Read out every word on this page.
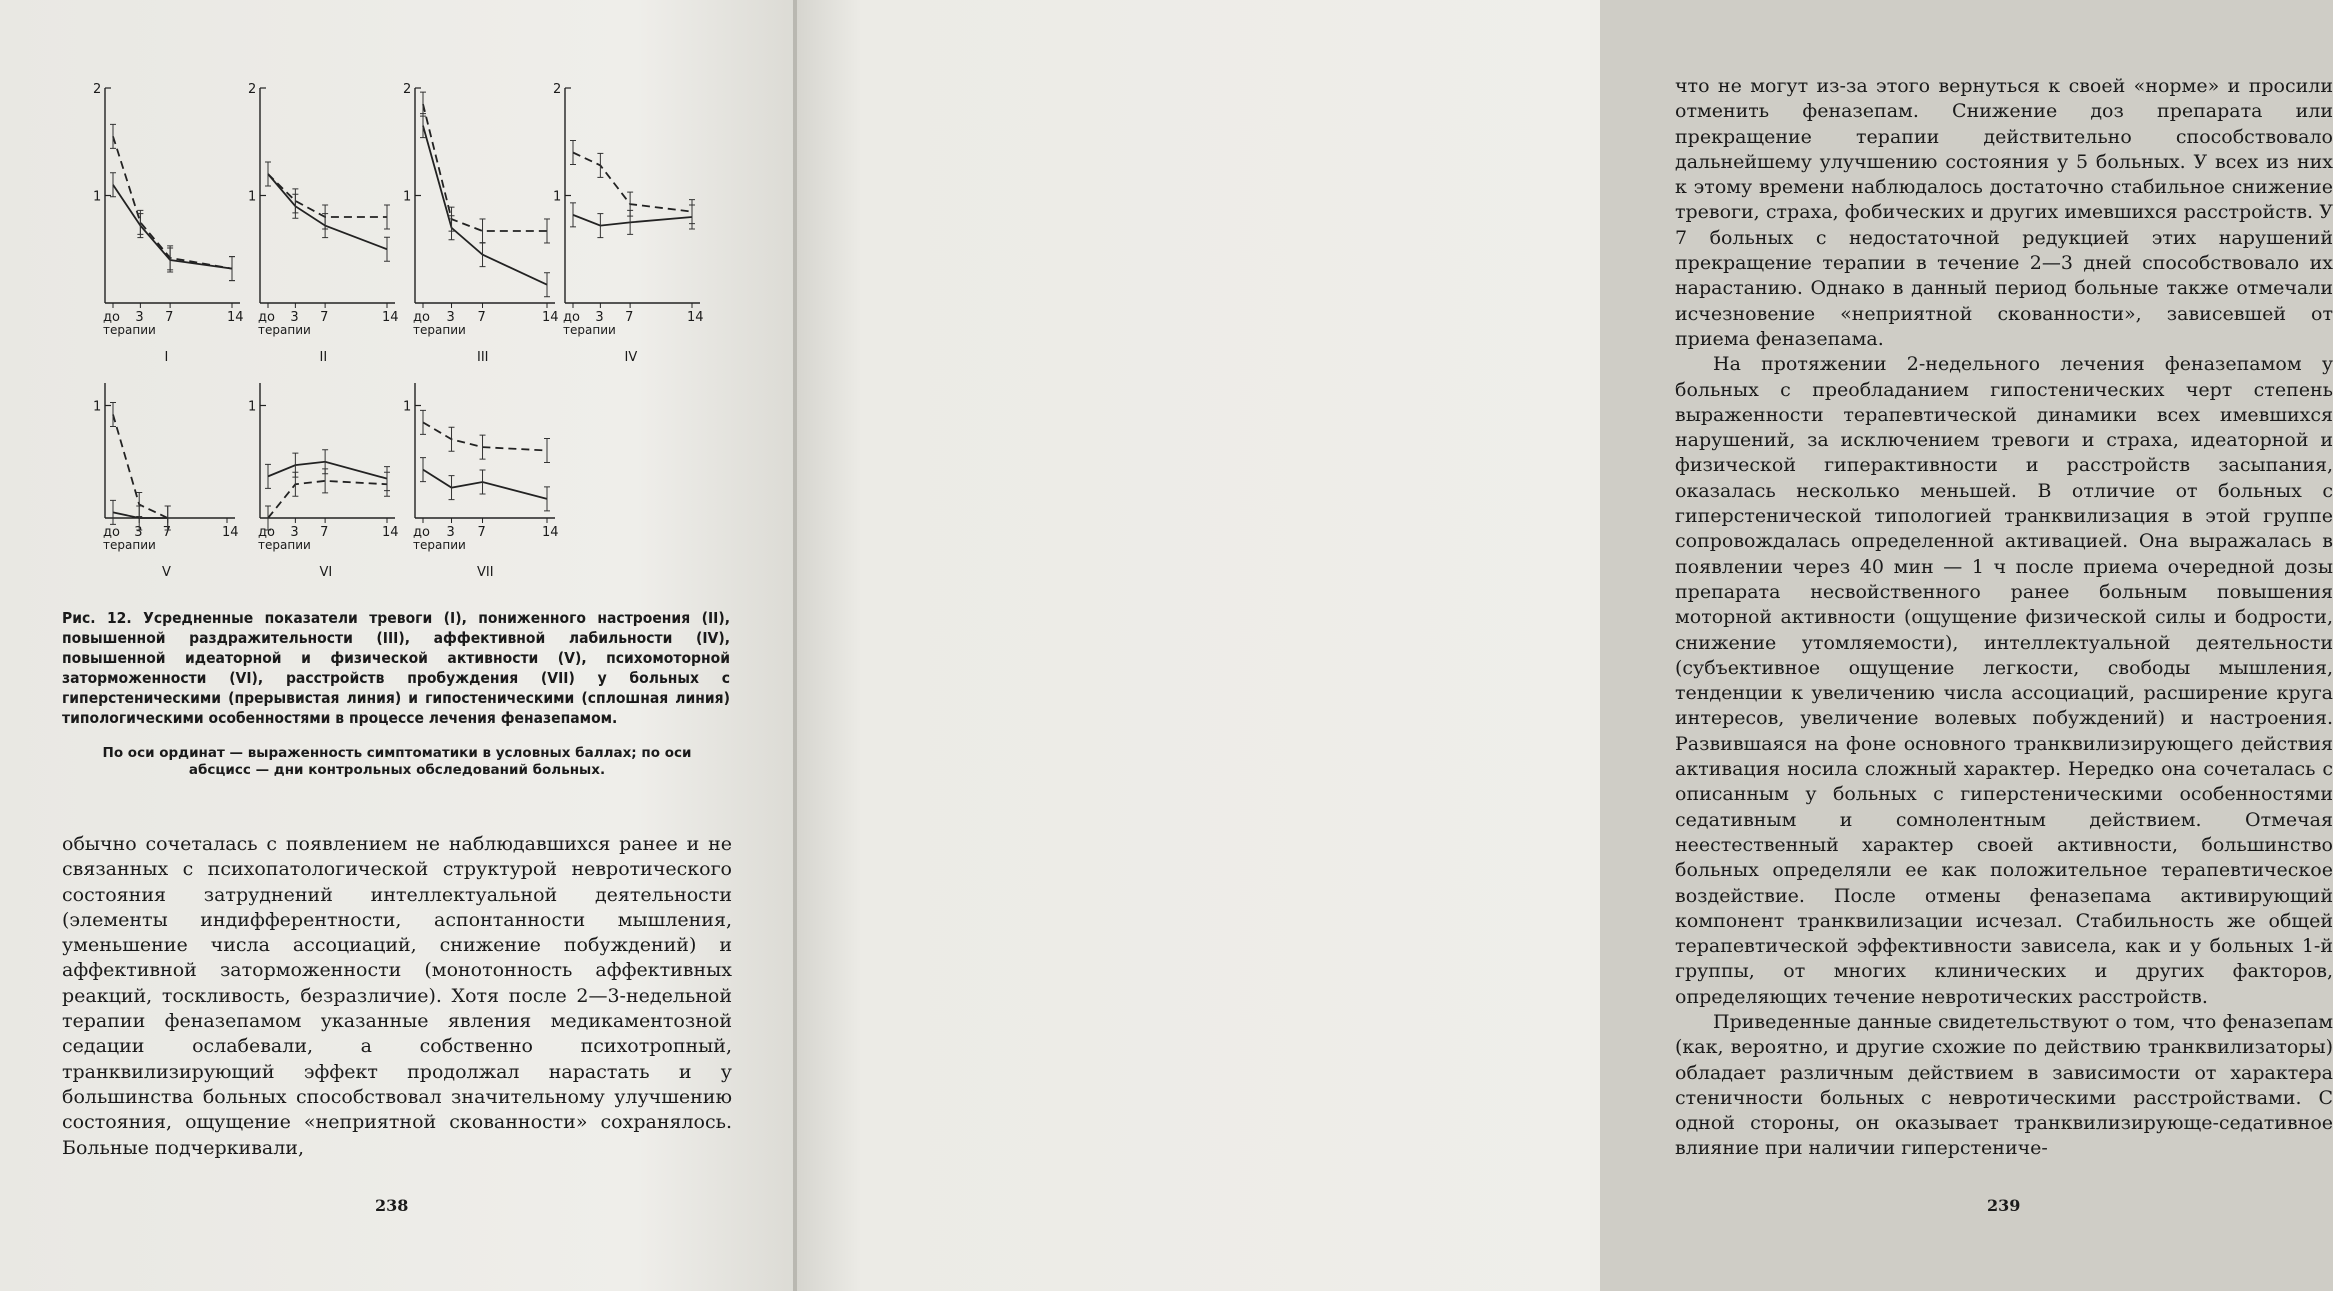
2
1
до 3 7	14
терапии
I
2
1
до 3 7	14
терапии
II
2
1
до 3 7	14
терапии
III
2
1
до 3 7	14
терапии
IV
1
до 3 7	14
терапии
V
1
до 3 7	14
терапии
VI
1
до 3 7	14
терапии
VII
Рис. 12. Усредненные показатели тревоги (I), пониженного настроения (II), повышенной раздражительности (III), аффективной лабильности (IV), повышенной идеаторной и физической активности (V), психомоторной заторможенности (VI), расстройств пробуждения (VII) у больных с гиперстеническими (прерывистая линия) и гипостеническими (сплошная линия) типологическими особенностями в процессе лечения феназепамом.
По оси ординат — выраженность симптоматики в условных баллах; по оси абсцисс — дни контрольных обследований больных.

обычно сочеталась с появлением не наблюдавшихся ранее и не связанных с психопатологической структурой невротического состояния затруднений интеллектуальной деятельности (элементы индифферентности, аспонтанности мышления, уменьшение числа ассоциаций, снижение побуждений) и аффективной заторможенности (монотонность аффективных реакций, тоскливость, безразличие). Хотя после 2—3-недельной терапии феназепамом указанные явления медикаментозной седации ослабевали, а собственно психотропный, транквилизирующий эффект продолжал нарастать и у большинства больных способствовал значительному улучшению состояния, ощущение «неприятной скованности» сохранялось. Больные подчеркивали,

238

что не могут из-за этого вернуться к своей «норме» и просили отменить феназепам. Снижение доз препарата или прекращение терапии действительно способствовало дальнейшему улучшению состояния у 5 больных. У всех из них к этому времени наблюдалось достаточно стабильное снижение тревоги, страха, фобических и других имевшихся расстройств. У 7 больных с недостаточной редукцией этих нарушений прекращение терапии в течение 2—3 дней способствовало их нарастанию. Однако в данный период больные также отмечали исчезновение «неприятной скованности», зависевшей от приема феназепама.

На протяжении 2-недельного лечения феназепамом у больных с преобладанием гипостенических черт степень выраженности терапевтической динамики всех имевшихся нарушений, за исключением тревоги и страха, идеаторной и физической гиперактивности и расстройств засыпания, оказалась несколько меньшей. В отличие от больных с гиперстенической типологией транквилизация в этой группе сопровождалась определенной активацией. Она выражалась в появлении через 40 мин — 1 ч после приема очередной дозы препарата несвойственного ранее больным повышения моторной активности (ощущение физической силы и бодрости, снижение утомляемости), интеллектуальной деятельности (субъективное ощущение легкости, свободы мышления, тенденции к увеличению числа ассоциаций, расширение круга интересов, увеличение волевых побуждений) и настроения. Развившаяся на фоне основного транквилизирующего действия активация носила сложный характер. Нередко она сочеталась с описанным у больных с гиперстеническими особенностями седативным и сомнолентным действием. Отмечая неестественный характер своей активности, большинство больных определяли ее как положительное терапевтическое воздействие. После отмены феназепама активирующий компонент транквилизации исчезал. Стабильность же общей терапевтической эффективности зависела, как и у больных 1-й группы, от многих клинических и других факторов, определяющих течение невротических расстройств.

Приведенные данные свидетельствуют о том, что феназепам (как, вероятно, и другие схожие по действию транквилизаторы) обладает различным действием в зависимости от характера стеничности больных с невротическими расстройствами. С одной стороны, он оказывает транквилизирующе-седативное влияние при наличии гиперстениче-

239
